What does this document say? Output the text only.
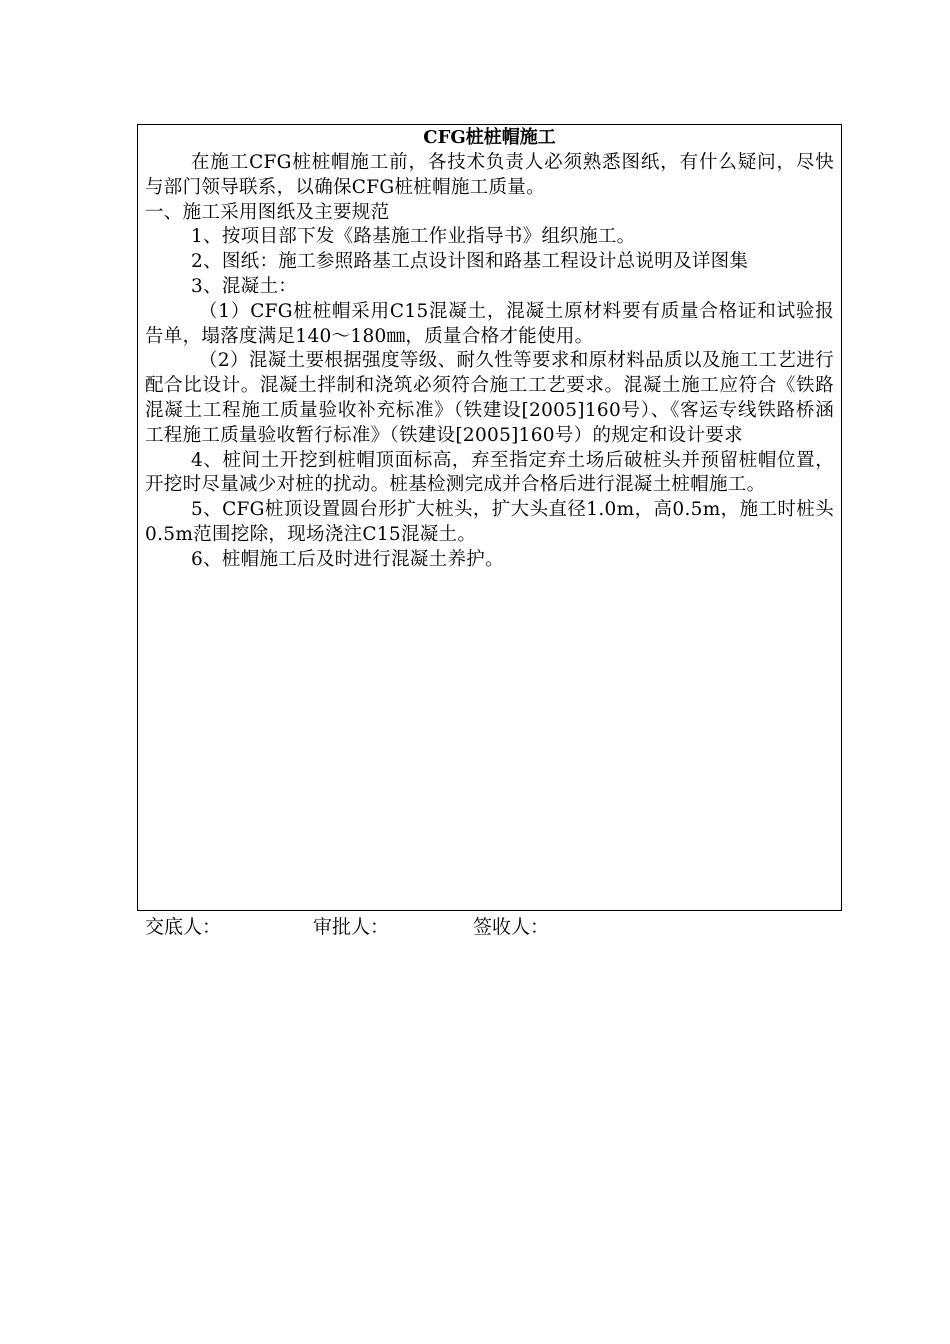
CFG桩桩帽施工

在施工CFG桩桩帽施工前，各技术负责人必须熟悉图纸，有什么疑问，尽快与部门领导联系，以确保CFG桩桩帽施工质量。

一、施工采用图纸及主要规范

1、按项目部下发《路基施工作业指导书》组织施工。

2、图纸：施工参照路基工点设计图和路基工程设计总说明及详图集

3、混凝土：

（1）CFG桩桩帽采用C15混凝土，混凝土原材料要有质量合格证和试验报告单，塌落度满足140～180㎜，质量合格才能使用。

（2）混凝土要根据强度等级、耐久性等要求和原材料品质以及施工工艺进行配合比设计。混凝土拌制和浇筑必须符合施工工艺要求。混凝土施工应符合《铁路混凝土工程施工质量验收补充标准》（铁建设[2005]160号）、《客运专线铁路桥涵工程施工质量验收暂行标准》（铁建设[2005]160号）的规定和设计要求

4、桩间土开挖到桩帽顶面标高，弃至指定弃土场后破桩头并预留桩帽位置，开挖时尽量减少对桩的扰动。桩基检测完成并合格后进行混凝土桩帽施工。

5、CFG桩顶设置圆台形扩大桩头，扩大头直径1.0m，高0.5m，施工时桩头0.5m范围挖除，现场浇注C15混凝土。

6、桩帽施工后及时进行混凝土养护。

交底人：	审批人：	签收人：
